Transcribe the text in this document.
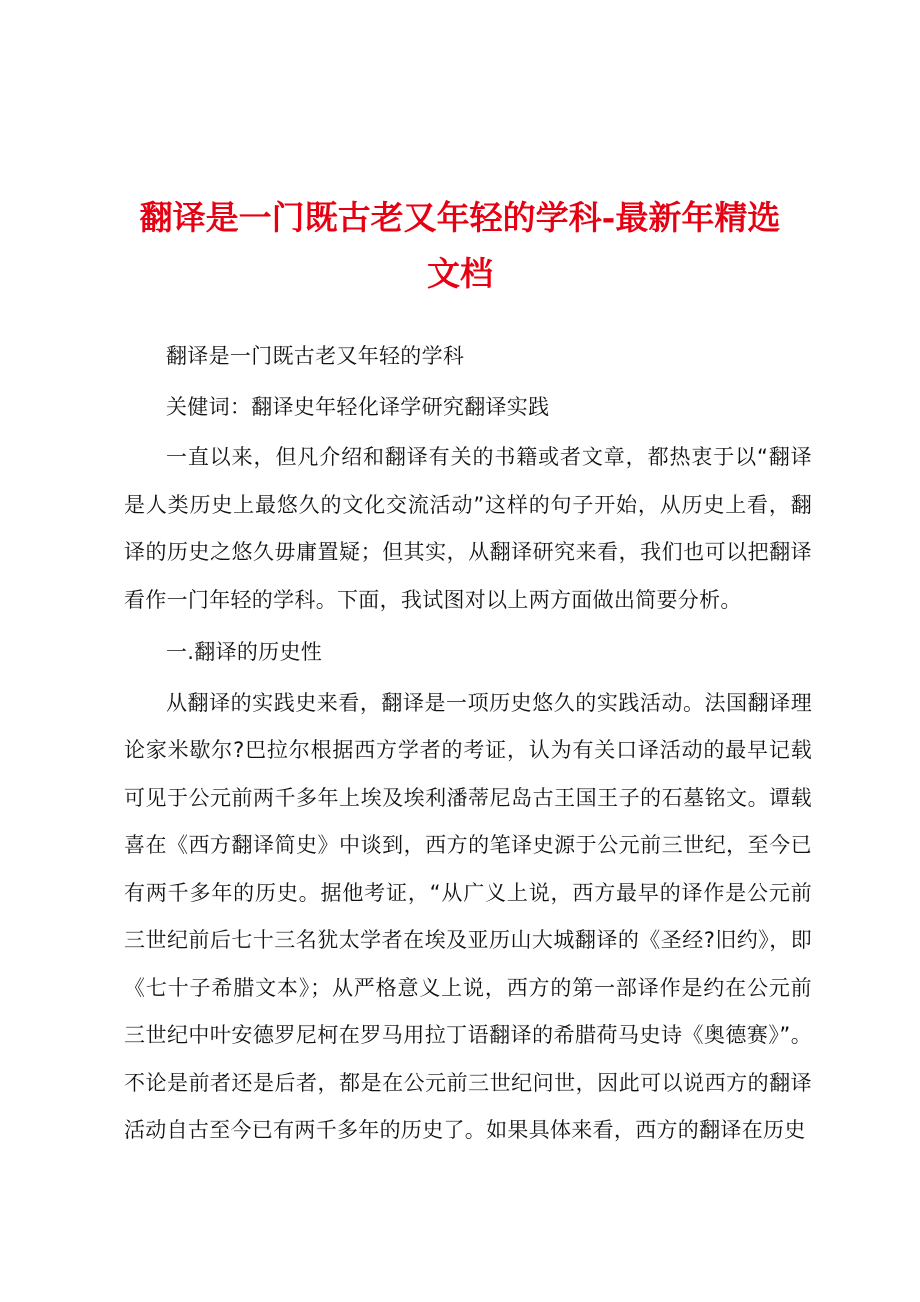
翻译是一门既古老又年轻的学科-最新年精选
文档

翻译是一门既古老又年轻的学科

关健词：翻译史年轻化译学研究翻译实践

一直以来，但凡介绍和翻译有关的书籍或者文章，都热衷于以“翻译是人类历史上最悠久的文化交流活动”这样的句子开始，从历史上看，翻译的历史之悠久毋庸置疑；但其实，从翻译研究来看，我们也可以把翻译看作一门年轻的学科。下面，我试图对以上两方面做出简要分析。

一.翻译的历史性

从翻译的实践史来看，翻译是一项历史悠久的实践活动。法国翻译理论家米歇尔?巴拉尔根据西方学者的考证，认为有关口译活动的最早记载可见于公元前两千多年上埃及埃利潘蒂尼岛古王国王子的石墓铭文。谭载喜在《西方翻译简史》中谈到，西方的笔译史源于公元前三世纪，至今已有两千多年的历史。据他考证，“从广义上说，西方最早的译作是公元前三世纪前后七十三名犹太学者在埃及亚历山大城翻译的《圣经?旧约》，即《七十子希腊文本》；从严格意义上说，西方的第一部译作是约在公元前三世纪中叶安德罗尼柯在罗马用拉丁语翻译的希腊荷马史诗《奥德赛》”。不论是前者还是后者，都是在公元前三世纪问世，因此可以说西方的翻译活动自古至今已有两千多年的历史了。如果具体来看，西方的翻译在历史
